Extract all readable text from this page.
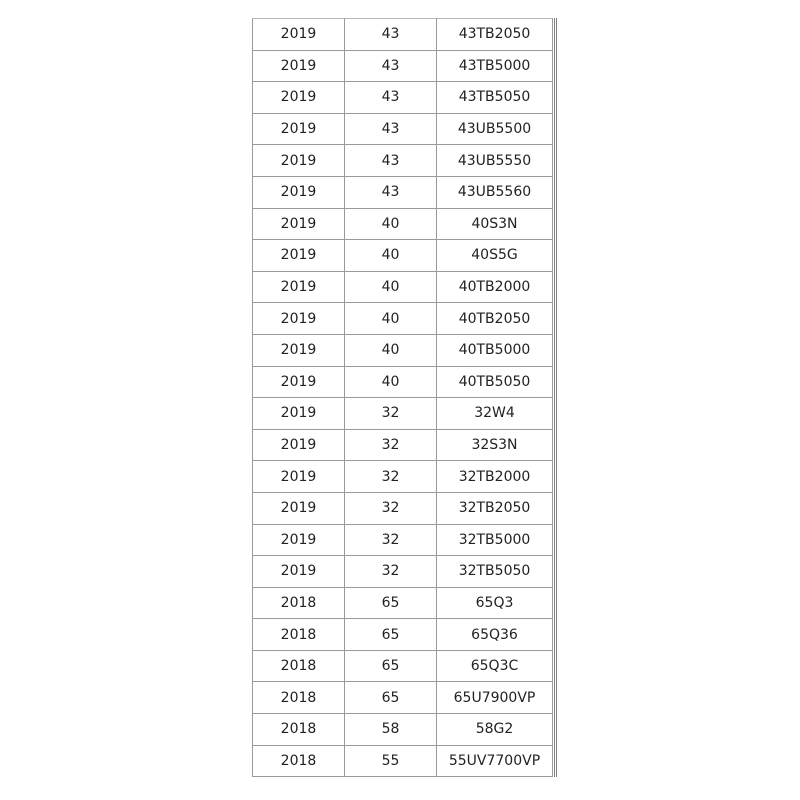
2019	43	43TB2050
2019	43	43TB5000
2019	43	43TB5050
2019	43	43UB5500
2019	43	43UB5550
2019	43	43UB5560
2019	40	40S3N
2019	40	40S5G
2019	40	40TB2000
2019	40	40TB2050
2019	40	40TB5000
2019	40	40TB5050
2019	32	32W4
2019	32	32S3N
2019	32	32TB2000
2019	32	32TB2050
2019	32	32TB5000
2019	32	32TB5050
2018	65	65Q3
2018	65	65Q36
2018	65	65Q3C
2018	65	65U7900VP
2018	58	58G2
2018	55	55UV7700VP
